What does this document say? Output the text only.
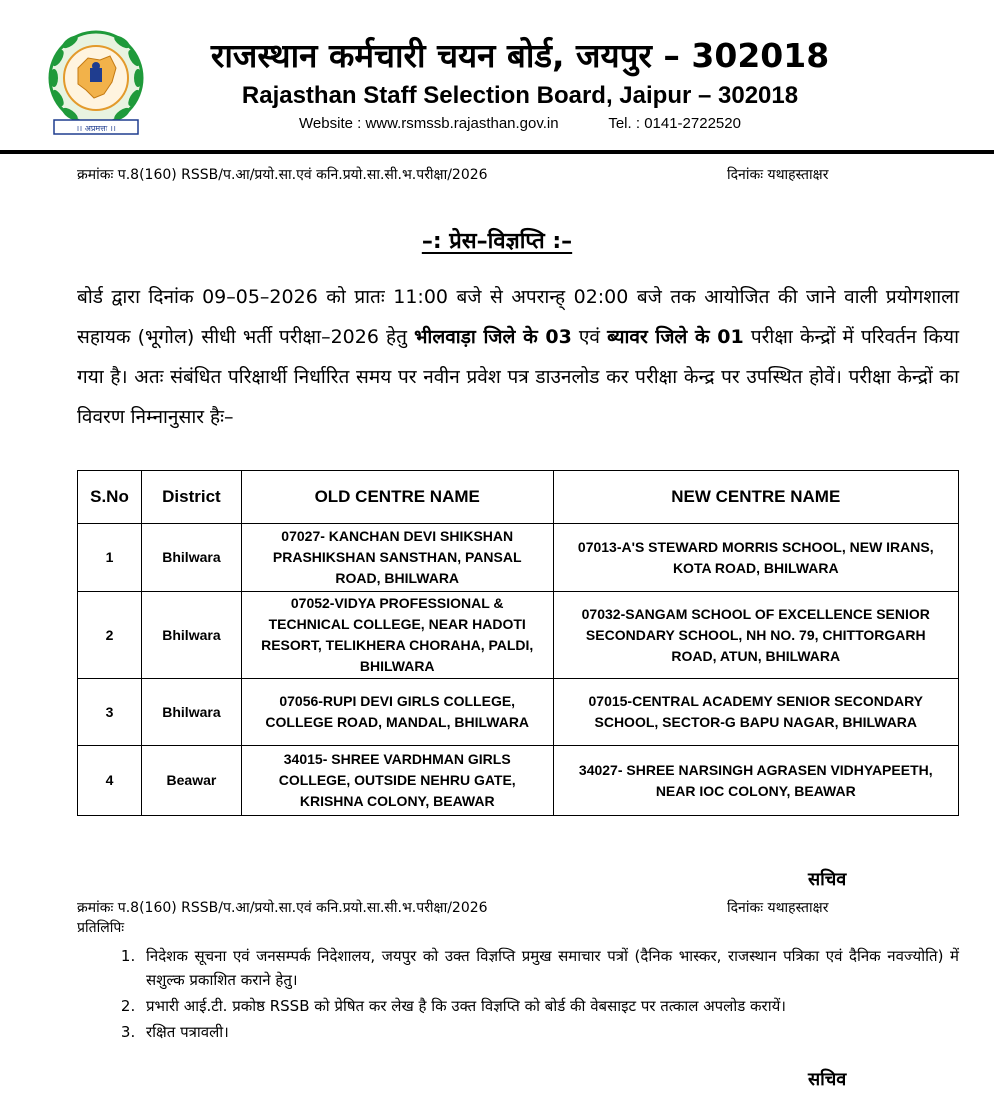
।। अप्रमत्तः ।।
राजस्थान कर्मचारी चयन बोर्ड, जयपुर – 302018
Rajasthan Staff Selection Board, Jaipur – 302018
Website : www.rsmssb.rajasthan.gov.in	Tel. : 0141-2722520
क्रमांकः प.8(160) RSSB/प.आ/प्रयो.सा.एवं कनि.प्रयो.सा.सी.भ.परीक्षा/2026	दिनांकः यथाहस्ताक्षर
–: प्रेस–विज्ञप्ति :–
बोर्ड द्वारा दिनांक 09–05–2026 को प्रातः 11:00 बजे से अपरान्ह् 02:00 बजे तक आयोजित की जाने वाली प्रयोगशाला सहायक (भूगोल) सीधी भर्ती परीक्षा–2026 हेतु भीलवाड़ा जिले के 03 एवं ब्यावर जिले के 01 परीक्षा केन्द्रों में परिवर्तन किया गया है। अतः संबंधित परिक्षार्थी निर्धारित समय पर नवीन प्रवेश पत्र डाउनलोड कर परीक्षा केन्द्र पर उपस्थित होवें। परीक्षा केन्द्रों का विवरण निम्नानुसार हैः–
S.No	District	OLD CENTRE NAME	NEW CENTRE NAME
1	Bhilwara	07027- KANCHAN DEVI SHIKSHAN PRASHIKSHAN SANSTHAN, PANSAL ROAD, BHILWARA	07013-A'S STEWARD MORRIS SCHOOL, NEW IRANS, KOTA ROAD, BHILWARA
2	Bhilwara	07052-VIDYA PROFESSIONAL & TECHNICAL COLLEGE, NEAR HADOTI RESORT, TELIKHERA CHORAHA, PALDI, BHILWARA	07032-SANGAM SCHOOL OF EXCELLENCE SENIOR SECONDARY SCHOOL, NH NO. 79, CHITTORGARH ROAD, ATUN, BHILWARA
3	Bhilwara	07056-RUPI DEVI GIRLS COLLEGE, COLLEGE ROAD, MANDAL, BHILWARA	07015-CENTRAL ACADEMY SENIOR SECONDARY SCHOOL, SECTOR-G BAPU NAGAR, BHILWARA
4	Beawar	34015- SHREE VARDHMAN GIRLS COLLEGE, OUTSIDE NEHRU GATE, KRISHNA COLONY, BEAWAR	34027- SHREE NARSINGH AGRASEN VIDHYAPEETH, NEAR IOC COLONY, BEAWAR
सचिव
क्रमांकः प.8(160) RSSB/प.आ/प्रयो.सा.एवं कनि.प्रयो.सा.सी.भ.परीक्षा/2026	दिनांकः यथाहस्ताक्षर
प्रतिलिपिः
1. निदेशक सूचना एवं जनसम्पर्क निदेशालय, जयपुर को उक्त विज्ञप्ति प्रमुख समाचार पत्रों (दैनिक भास्कर, राजस्थान पत्रिका एवं दैनिक नवज्योति) में सशुल्क प्रकाशित कराने हेतु।
2. प्रभारी आई.टी. प्रकोष्ठ RSSB को प्रेषित कर लेख है कि उक्त विज्ञप्ति को बोर्ड की वेबसाइट पर तत्काल अपलोड करायें।
3. रक्षित पत्रावली।
सचिव
